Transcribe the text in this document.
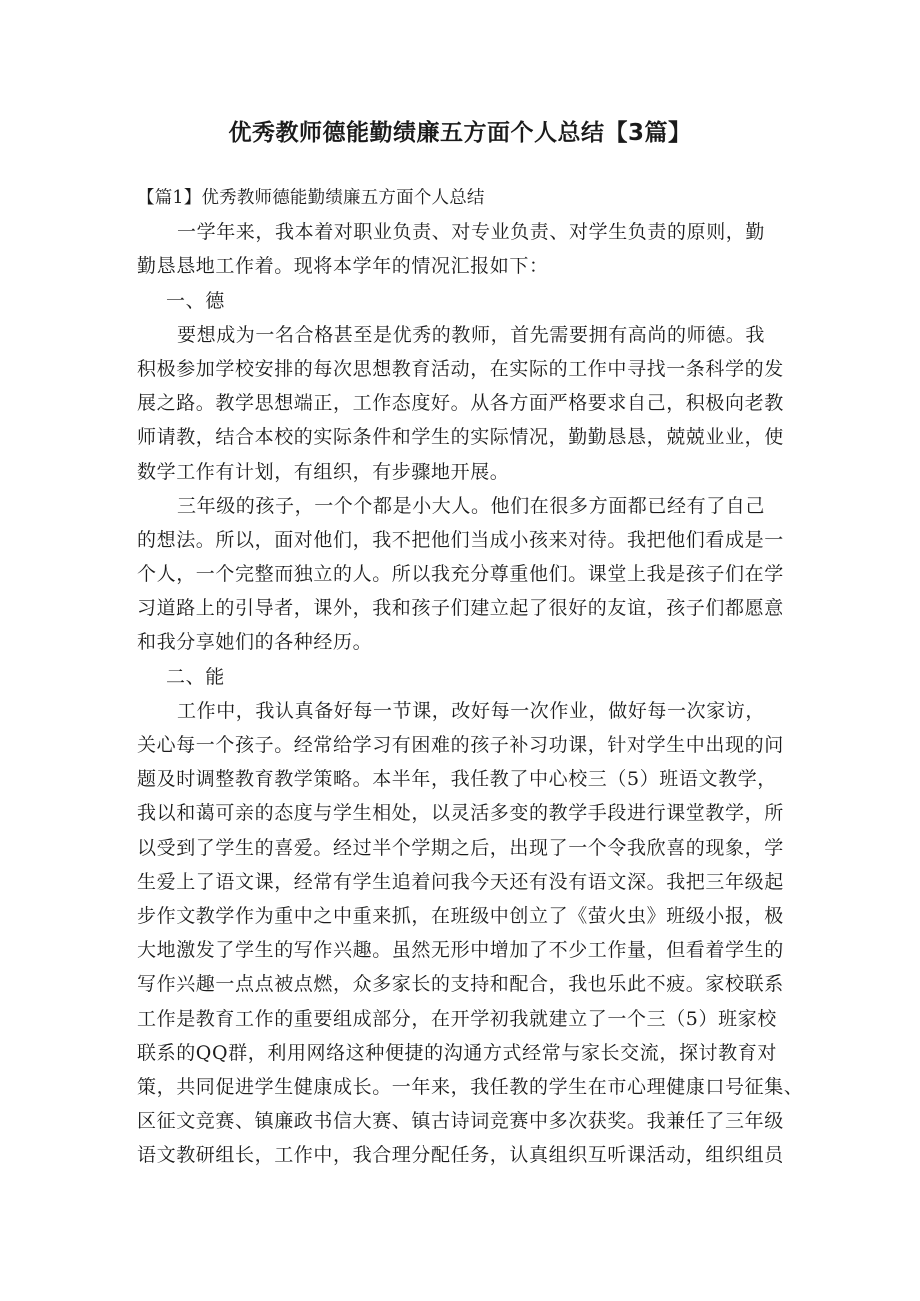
优秀教师德能勤绩廉五方面个人总结【3篇】
【篇1】优秀教师德能勤绩廉五方面个人总结
一学年来，我本着对职业负责、对专业负责、对学生负责的原则，勤
勤恳恳地工作着。现将本学年的情况汇报如下：
一、德
要想成为一名合格甚至是优秀的教师，首先需要拥有高尚的师德。我
积极参加学校安排的每次思想教育活动，在实际的工作中寻找一条科学的发
展之路。教学思想端正，工作态度好。从各方面严格要求自己，积极向老教
师请教，结合本校的实际条件和学生的实际情况，勤勤恳恳，兢兢业业，使
数学工作有计划，有组织，有步骤地开展。
三年级的孩子，一个个都是小大人。他们在很多方面都已经有了自己
的想法。所以，面对他们，我不把他们当成小孩来对待。我把他们看成是一
个人，一个完整而独立的人。所以我充分尊重他们。课堂上我是孩子们在学
习道路上的引导者，课外，我和孩子们建立起了很好的友谊，孩子们都愿意
和我分享她们的各种经历。
二、能
工作中，我认真备好每一节课，改好每一次作业，做好每一次家访，
关心每一个孩子。经常给学习有困难的孩子补习功课，针对学生中出现的问
题及时调整教育教学策略。本半年，我任教了中心校三（5）班语文教学，
我以和蔼可亲的态度与学生相处，以灵活多变的教学手段进行课堂教学，所
以受到了学生的喜爱。经过半个学期之后，出现了一个令我欣喜的现象，学
生爱上了语文课，经常有学生追着问我今天还有没有语文深。我把三年级起
步作文教学作为重中之中重来抓，在班级中创立了《萤火虫》班级小报，极
大地激发了学生的写作兴趣。虽然无形中增加了不少工作量，但看着学生的
写作兴趣一点点被点燃，众多家长的支持和配合，我也乐此不疲。家校联系
工作是教育工作的重要组成部分，在开学初我就建立了一个三（5）班家校
联系的QQ群，利用网络这种便捷的沟通方式经常与家长交流，探讨教育对
策，共同促进学生健康成长。一年来，我任教的学生在市心理健康口号征集、
区征文竞赛、镇廉政书信大赛、镇古诗词竞赛中多次获奖。我兼任了三年级
语文教研组长，工作中，我合理分配任务，认真组织互听课活动，组织组员
